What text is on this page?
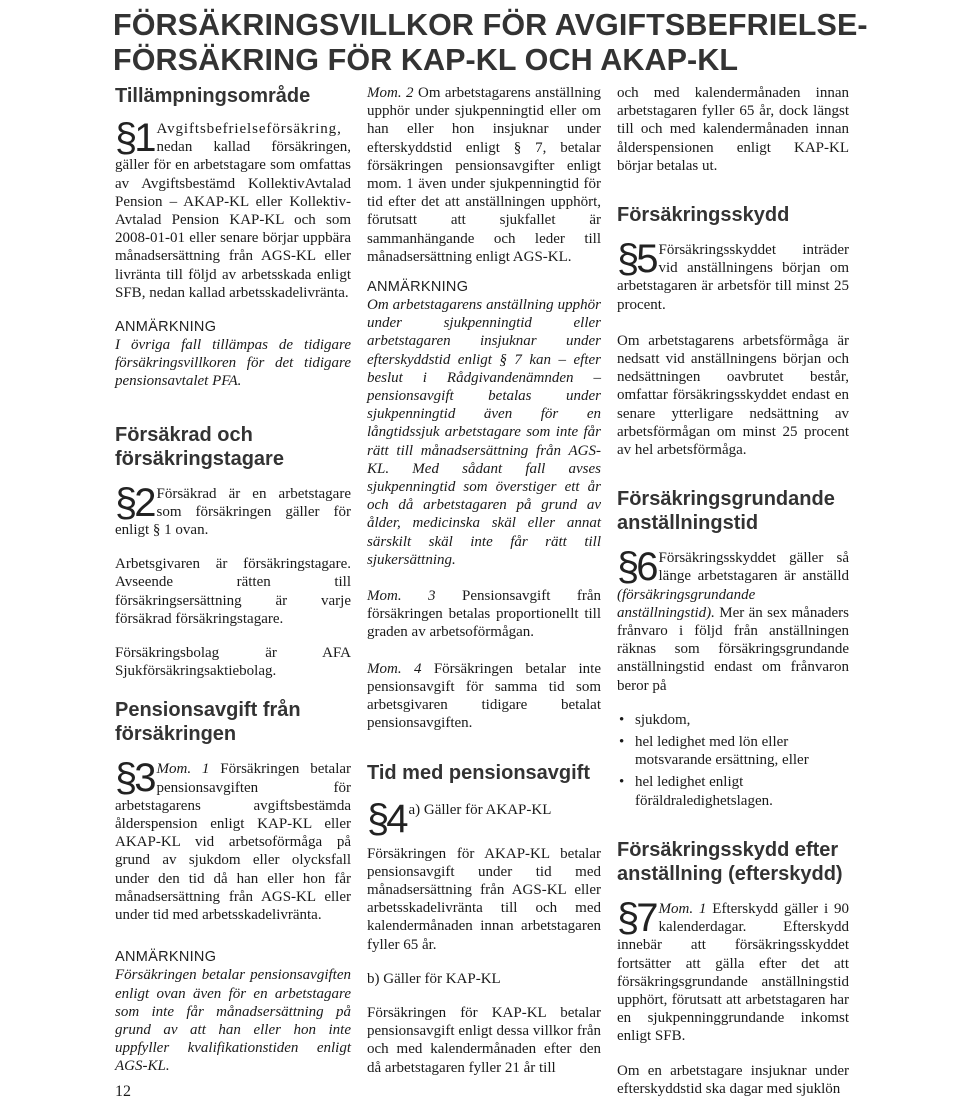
FÖRSÄKRINGSVILLKOR FÖR AVGIFTSBEFRIELSE-
FÖRSÄKRING FÖR KAP-KL OCH AKAP-KL
Tillämpningsområde

§1 Avgiftsbefrielseförsäkring, nedan kallad försäkringen, gäller för en arbetstagare som omfattas av Avgiftsbestämd KollektivAvtalad Pension – AKAP-KL eller Kollektiv-Avtalad Pension KAP-KL och som 2008-01-01 eller senare börjar uppbära månadsersättning från AGS-KL eller livränta till följd av arbetsskada enligt SFB, nedan kallad arbetsskadelivränta.

ANMÄRKNING

I övriga fall tillämpas de tidigare försäkringsvillkoren för det tidigare pensionsavtalet PFA.

Försäkrad och försäkringstagare

§2 Försäkrad är en arbetstagare som försäkringen gäller för enligt § 1 ovan.

Arbetsgivaren är försäkringstagare. Avseende rätten till försäkringsersättning är varje försäkrad försäkringstagare.

Försäkringsbolag är AFA Sjukförsäkringsaktiebolag.

Pensionsavgift från försäkringen

§3 Mom. 1 Försäkringen betalar pensionsavgiften för arbetstagarens avgiftsbestämda ålderspension enligt KAP-KL eller AKAP-KL vid arbetsoförmåga på grund av sjukdom eller olycksfall under den tid då han eller hon får månadsersättning från AGS-KL eller under tid med arbetsskadelivränta.

ANMÄRKNING

Försäkringen betalar pensionsavgiften enligt ovan även för en arbetstagare som inte får månadsersättning på grund av att han eller hon inte uppfyller kvalifikationstiden enligt AGS-KL.

Mom. 2 Om arbetstagarens anställning upphör under sjukpenningtid eller om han eller hon insjuknar under efterskyddstid enligt § 7, betalar försäkringen pensionsavgifter enligt mom. 1 även under sjukpenningtid för tid efter det att anställningen upphört, förutsatt att sjukfallet är sammanhängande och leder till månadsersättning enligt AGS-KL.

ANMÄRKNING

Om arbetstagarens anställning upphör under sjukpenningtid eller arbetstagaren insjuknar under efterskyddstid enligt § 7 kan – efter beslut i Rådgivandenämnden – pensionsavgift betalas under sjukpenningtid även för en långtidssjuk arbetstagare som inte får rätt till månadsersättning från AGS-KL. Med sådant fall avses sjukpenningtid som överstiger ett år och då arbetstagaren på grund av ålder, medicinska skäl eller annat särskilt skäl inte får rätt till sjukersättning.

Mom. 3 Pensionsavgift från försäkringen betalas proportionellt till graden av arbetsoförmågan.

Mom. 4 Försäkringen betalar inte pensionsavgift för samma tid som arbetsgivaren tidigare betalat pensionsavgiften.

Tid med pensionsavgift

§4 a) Gäller för AKAP-KL

Försäkringen för AKAP-KL betalar pensionsavgift under tid med månadsersättning från AGS-KL eller arbetsskadelivränta till och med kalendermånaden innan arbetstagaren fyller 65 år.

b) Gäller för KAP-KL

Försäkringen för KAP-KL betalar pensionsavgift enligt dessa villkor från och med kalendermånaden efter den då arbetstagaren fyller 21 år till

och med kalendermånaden innan arbetstagaren fyller 65 år, dock längst till och med kalendermånaden innan ålderspensionen enligt KAP-KL börjar betalas ut.

Försäkringsskydd

§5 Försäkringsskyddet inträder vid anställningens början om arbetstagaren är arbetsför till minst 25 procent.

Om arbetstagarens arbetsförmåga är nedsatt vid anställningens början och nedsättningen oavbrutet består, omfattar försäkringsskyddet endast en senare ytterligare nedsättning av arbetsförmågan om minst 25 procent av hel arbetsförmåga.

Försäkringsgrundande anställningstid

§6 Försäkringsskyddet gäller så länge arbetstagaren är anställd (försäkringsgrundande anställningstid). Mer än sex månaders frånvaro i följd från anställningen räknas som försäkringsgrundande anställningstid endast om frånvaron beror på

• sjukdom,
• hel ledighet med lön eller motsvarande ersättning, eller
• hel ledighet enligt föräldraledighetslagen.
Försäkringsskydd efter anställning (efterskydd)

§7 Mom. 1 Efterskydd gäller i 90 kalenderdagar. Efterskydd innebär att försäkringsskyddet fortsätter att gälla efter det att försäkringsgrundande anställningstid upphört, förutsatt att arbetstagaren har en sjukpenninggrundande inkomst enligt SFB.

Om en arbetstagare insjuknar under efterskyddstid ska dagar med sjuklön

12
